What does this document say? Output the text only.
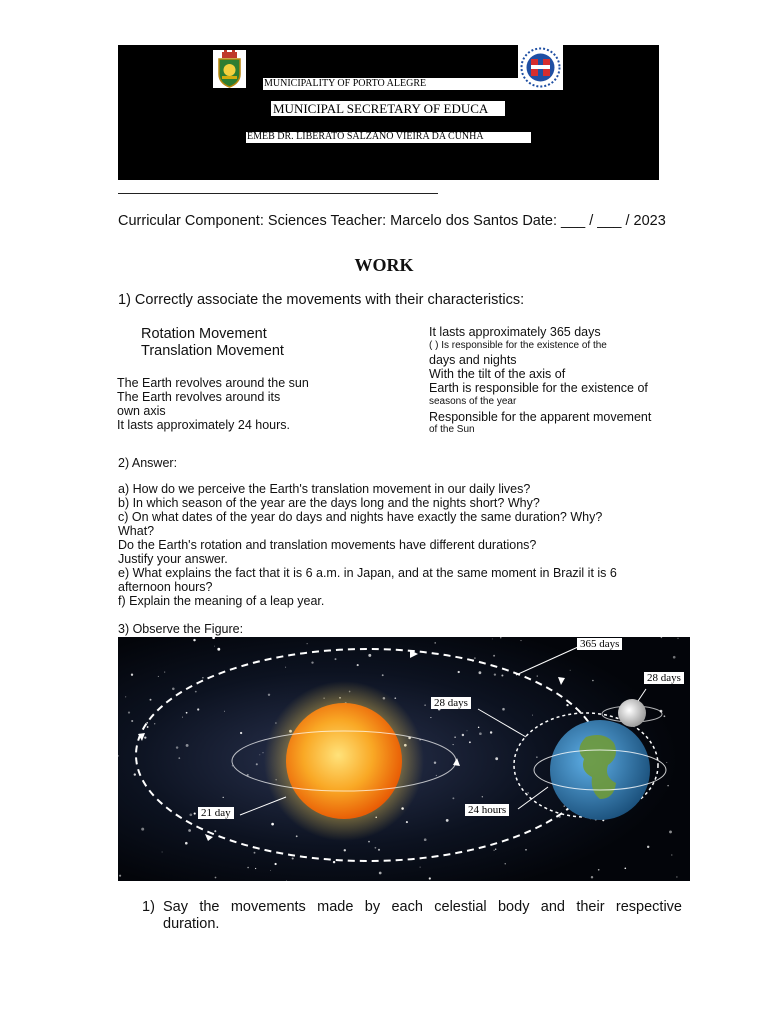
MUNICIPALITY OF PORTO ALEGRE
MUNICIPAL SECRETARY OF EDUCA
EMEB DR. LIBERATO SALZANO VIEIRA DA CUNHA
Curricular Component: Sciences Teacher: Marcelo dos Santos Date: ___ / ___ / 2023
WORK
1) Correctly associate the movements with their characteristics:
Rotation Movement
Translation Movement
The Earth revolves around the sun
The Earth revolves around its
own axis
It lasts approximately 24 hours.
It lasts approximately 365 days
( ) Is responsible for the existence of the
days and nights
With the tilt of the axis of
Earth is responsible for the existence of
seasons of the year
Responsible for the apparent movement
of the Sun
2) Answer:
a) How do we perceive the Earth's translation movement in our daily lives?
b) In which season of the year are the days long and the nights short? Why?
c) On what dates of the year do days and nights have exactly the same duration? Why?
What?
Do the Earth's rotation and translation movements have different durations?
Justify your answer.
e) What explains the fact that it is 6 a.m. in Japan, and at the same moment in Brazil it is 6
afternoon hours?
f) Explain the meaning of a leap year.
3) Observe the Figure:
365 days
28 days
28 days
21 day	24 hours
1) Say the movements made by each celestial body and their respective
duration.
